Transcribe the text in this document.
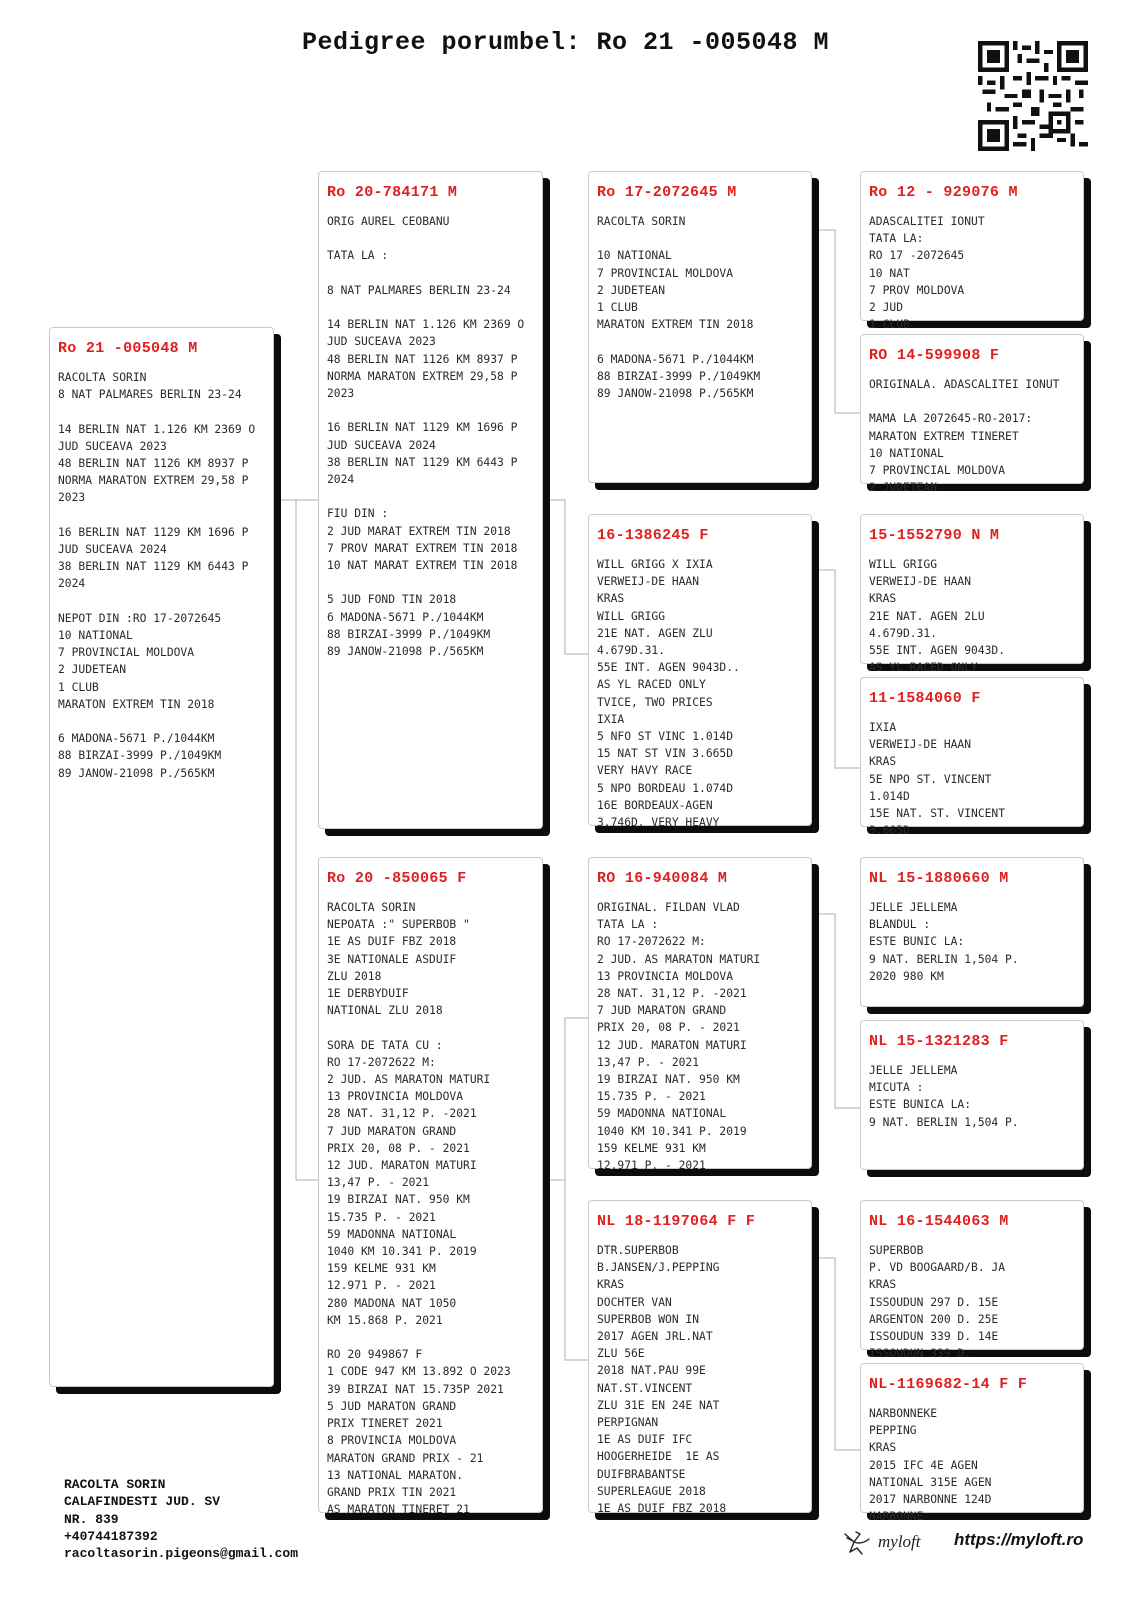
Pedigree porumbel: Ro 21 -005048 M
Ro 21 -005048 M
RACOLTA SORIN
8 NAT PALMARES BERLIN 23-24

14 BERLIN NAT 1.126 KM 2369 O
JUD SUCEAVA 2023
48 BERLIN NAT 1126 KM 8937 P
NORMA MARATON EXTREM 29,58 P
2023

16 BERLIN NAT 1129 KM 1696 P
JUD SUCEAVA 2024
38 BERLIN NAT 1129 KM 6443 P
2024

NEPOT DIN :RO 17-2072645
10 NATIONAL
7 PROVINCIAL MOLDOVA
2 JUDETEAN
1 CLUB
MARATON EXTREM TIN 2018

6 MADONA-5671 P./1044KM
88 BIRZAI-3999 P./1049KM
89 JANOW-21098 P./565KM
Ro 20-784171 M
ORIG AUREL CEOBANU

TATA LA :

8 NAT PALMARES BERLIN 23-24

14 BERLIN NAT 1.126 KM 2369 O
JUD SUCEAVA 2023
48 BERLIN NAT 1126 KM 8937 P
NORMA MARATON EXTREM 29,58 P
2023

16 BERLIN NAT 1129 KM 1696 P
JUD SUCEAVA 2024
38 BERLIN NAT 1129 KM 6443 P
2024

FIU DIN :
2 JUD MARAT EXTREM TIN 2018
7 PROV MARAT EXTREM TIN 2018
10 NAT MARAT EXTREM TIN 2018

5 JUD FOND TIN 2018
6 MADONA-5671 P./1044KM
88 BIRZAI-3999 P./1049KM
89 JANOW-21098 P./565KM
Ro 20 -850065 F
RACOLTA SORIN
NEPOATA :" SUPERBOB "
1E AS DUIF FBZ 2018
3E NATIONALE ASDUIF
ZLU 2018
1E DERBYDUIF
NATIONAL ZLU 2018

SORA DE TATA CU :
RO 17-2072622 M:
2 JUD. AS MARATON MATURI
13 PROVINCIA MOLDOVA
28 NAT. 31,12 P. -2021
7 JUD MARATON GRAND
PRIX 20, 08 P. - 2021
12 JUD. MARATON MATURI
13,47 P. - 2021
19 BIRZAI NAT. 950 KM
15.735 P. - 2021
59 MADONNA NATIONAL
1040 KM 10.341 P. 2019
159 KELME 931 KM
12.971 P. - 2021
280 MADONA NAT 1050
KM 15.868 P. 2021

RO 20 949867 F
1 CODE 947 KM 13.892 O 2023
39 BIRZAI NAT 15.735P 2021
5 JUD MARATON GRAND
PRIX TINERET 2021
8 PROVINCIA MOLDOVA
MARATON GRAND PRIX - 21
13 NATIONAL MARATON.
GRAND PRIX TIN 2021
AS MARATON TINERET 21
Ro 17-2072645 M
RACOLTA SORIN

10 NATIONAL
7 PROVINCIAL MOLDOVA
2 JUDETEAN
1 CLUB
MARATON EXTREM TIN 2018

6 MADONA-5671 P./1044KM
88 BIRZAI-3999 P./1049KM
89 JANOW-21098 P./565KM
16-1386245 F
WILL GRIGG X IXIA
VERWEIJ-DE HAAN
KRAS
WILL GRIGG
21E NAT. AGEN ZLU
4.679D.31.
55E INT. AGEN 9043D..
AS YL RACED ONLY
TVICE, TWO PRICES
IXIA
5 NFO ST VINC 1.014D
15 NAT ST VIN 3.665D
VERY HAVY RACE
5 NPO BORDEAU 1.074D
16E BORDEAUX-AGEN
3.746D. VERY HEAVY
RO 16-940084 M
ORIGINAL. FILDAN VLAD
TATA LA :
RO 17-2072622 M:
2 JUD. AS MARATON MATURI
13 PROVINCIA MOLDOVA
28 NAT. 31,12 P. -2021
7 JUD MARATON GRAND
PRIX 20, 08 P. - 2021
12 JUD. MARATON MATURI
13,47 P. - 2021
19 BIRZAI NAT. 950 KM
15.735 P. - 2021
59 MADONNA NATIONAL
1040 KM 10.341 P. 2019
159 KELME 931 KM
12.971 P. - 2021
NL 18-1197064 F F
DTR.SUPERBOB
B.JANSEN/J.PEPPING
KRAS
DOCHTER VAN
SUPERBOB WON IN
2017 AGEN JRL.NAT
ZLU 56E
2018 NAT.PAU 99E
NAT.ST.VINCENT
ZLU 31E EN 24E NAT
PERPIGNAN
1E AS DUIF IFC
HOOGERHEIDE  1E AS
DUIFBRABANTSE
SUPERLEAGUE 2018
1E AS DUIF FBZ 2018
Ro 12 - 929076 M
ADASCALITEI IONUT
TATA LA:
RO 17 -2072645
10 NAT
7 PROV MOLDOVA
2 JUD
1 CLUB
RO 14-599908 F
ORIGINALA. ADASCALITEI IONUT

MAMA LA 2072645-RO-2017:
MARATON EXTREM TINERET
10 NATIONAL
7 PROVINCIAL MOLDOVA
2 JUDETEAN
15-1552790 N M
WILL GRIGG
VERWEIJ-DE HAAN
KRAS
21E NAT. AGEN 2LU
4.679D.31.
55E INT. AGEN 9043D.
AS YL RACED ONLY
11-1584060 F
IXIA
VERWEIJ-DE HAAN
KRAS
5E NPO ST. VINCENT
1.014D
15E NAT. ST. VINCENT
3.665D
NL 15-1880660 M
JELLE JELLEMA
BLANDUL :
ESTE BUNIC LA:
9 NAT. BERLIN 1,504 P.
2020 980 KM
NL 15-1321283 F
JELLE JELLEMA
MICUTA :
ESTE BUNICA LA:
9 NAT. BERLIN 1,504 P.
NL 16-1544063 M
SUPERBOB
P. VD BOOGAARD/B. JA
KRAS
ISSOUDUN 297 D. 15E
ARGENTON 200 D. 25E
ISSOUDUN 339 D. 14E
ISSOUDUN 339 D.
NL-1169682-14 F F
NARBONNEKE
PEPPING
KRAS
2015 IFC 4E AGEN
NATIONAL 315E AGEN
2017 NARBONNE 124D
NARBONNE
RACOLTA SORIN
CALAFINDESTI JUD. SV
NR. 839
+40744187392
racoltasorin.pigeons@gmail.com
myloft https://myloft.ro
